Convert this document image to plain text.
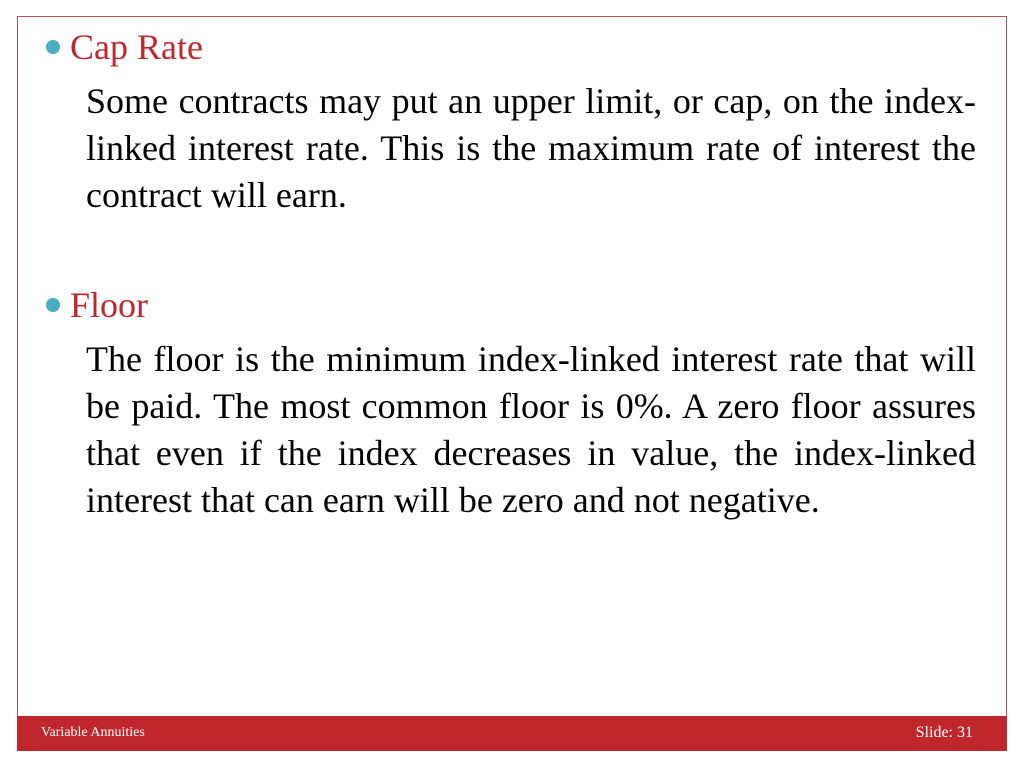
Cap Rate

Some contracts may put an upper limit, or cap, on the index-linked interest rate. This is the maximum rate of interest the contract will earn.

Floor

The floor is the minimum index-linked interest rate that will be paid. The most common floor is 0%. A zero floor assures that even if the index decreases in value, the index-linked interest that can earn will be zero and not negative.

Variable Annuities	Slide: 31
